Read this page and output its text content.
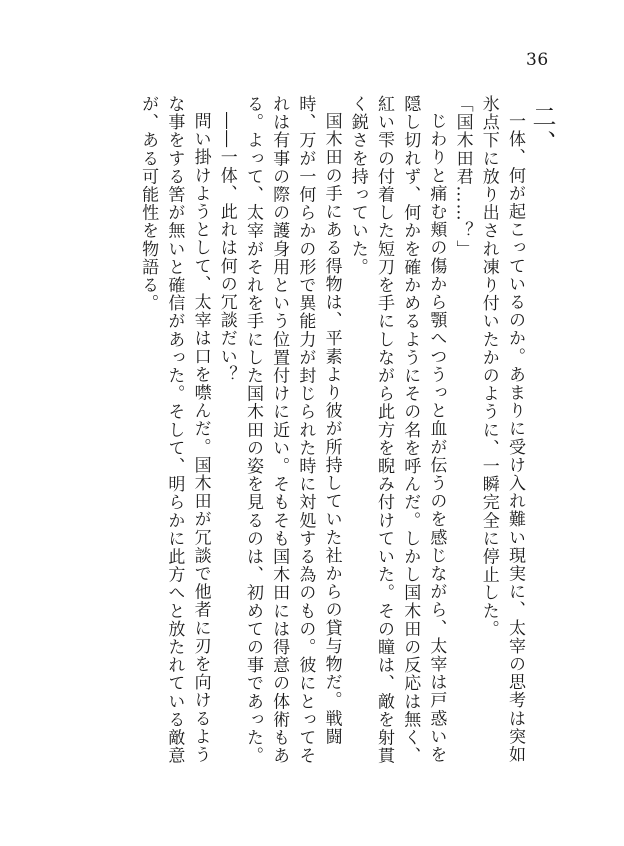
36
二、

一体、何が起こっているのか。あまりに受け入れ難い現実に、太宰の思考は突如氷点下に放り出され凍り付いたかのように、一瞬完全に停止した。

「国木田君……？」

じわりと痛む頬の傷から顎へつうっと血が伝うのを感じながら、太宰は戸惑いを隠し切れず、何かを確かめるようにその名を呼んだ。しかし国木田の反応は無く、紅い雫の付着した短刀を手にしながら此方を睨み付けていた。その瞳は、敵を射貫く鋭さを持っていた。

国木田の手にある得物は、平素より彼が所持していた社からの貸与物だ。戦闘時、万が一何らかの形で異能力が封じられた時に対処する為のもの。彼にとってそれは有事の際の護身用という位置付けに近い。そもそも国木田には得意の体術もある。よって、太宰がそれを手にした国木田の姿を見るのは、初めての事であった。

――一体、此れは何の冗談だい？

問い掛けようとして、太宰は口を噤んだ。国木田が冗談で他者に刃を向けるような事をする筈が無いと確信があった。そして、明らかに此方へと放たれている敵意が、ある可能性を物語る。
